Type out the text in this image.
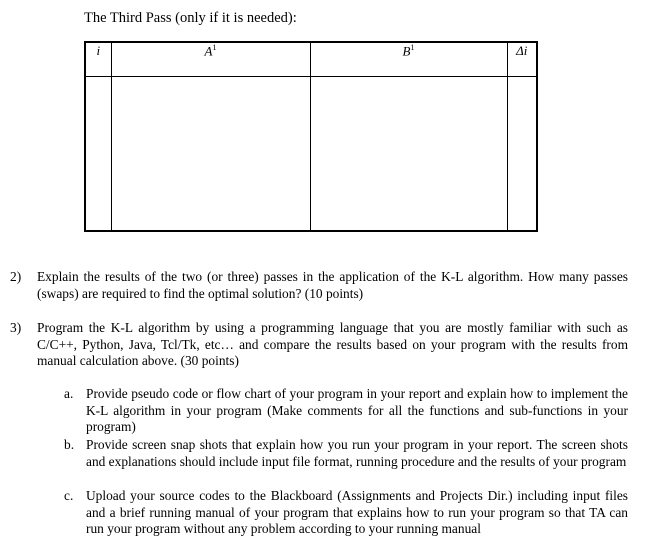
The Third Pass (only if it is needed):
i	$A^1$	$B^1$	Δi

2) Explain the results of the two (or three) passes in the application of the K-L algorithm. How many passes (swaps) are required to find the optimal solution? (10 points)
3) Program the K-L algorithm by using a programming language that you are mostly familiar with such as C/C++, Python, Java, Tcl/Tk, etc… and compare the results based on your program with the results from manual calculation above. (30 points)
a. Provide pseudo code or flow chart of your program in your report and explain how to implement the K-L algorithm in your program (Make comments for all the functions and sub-functions in your program)
b. Provide screen snap shots that explain how you run your program in your report. The screen shots and explanations should include input file format, running procedure and the results of your program
c. Upload your source codes to the Blackboard (Assignments and Projects Dir.) including input files and a brief running manual of your program that explains how to run your program so that TA can run your program without any problem according to your running manual
